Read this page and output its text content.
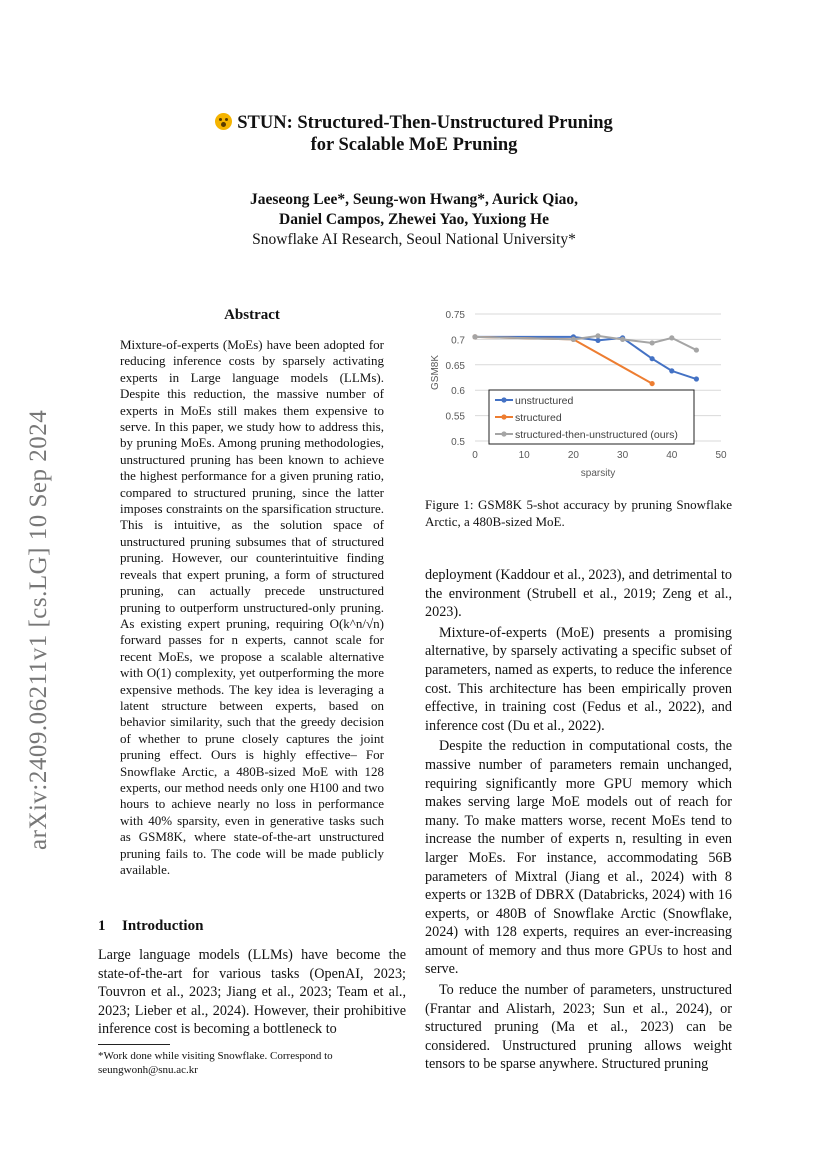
STUN: Structured-Then-Unstructured Pruning
for Scalable MoE Pruning
Jaeseong Lee*, Seung-won Hwang*, Aurick Qiao,
Daniel Campos, Zhewei Yao, Yuxiong He
Snowflake AI Research, Seoul National University*
arXiv:2409.06211v1 [cs.LG] 10 Sep 2024
Abstract
Mixture-of-experts (MoEs) have been adopted for reducing inference costs by sparsely activating experts in Large language models (LLMs). Despite this reduction, the massive number of experts in MoEs still makes them expensive to serve. In this paper, we study how to address this, by pruning MoEs. Among pruning methodologies, unstructured pruning has been known to achieve the highest performance for a given pruning ratio, compared to structured pruning, since the latter imposes constraints on the sparsification structure. This is intuitive, as the solution space of unstructured pruning subsumes that of structured pruning. However, our counterintuitive finding reveals that expert pruning, a form of structured pruning, can actually precede unstructured pruning to outperform unstructured-only pruning. As existing expert pruning, requiring O(k^n/√n) forward passes for n experts, cannot scale for recent MoEs, we propose a scalable alternative with O(1) complexity, yet outperforming the more expensive methods. The key idea is leveraging a latent structure between experts, based on behavior similarity, such that the greedy decision of whether to prune closely captures the joint pruning effect. Ours is highly effective– For Snowflake Arctic, a 480B-sized MoE with 128 experts, our method needs only one H100 and two hours to achieve nearly no loss in performance with 40% sparsity, even in generative tasks such as GSM8K, where state-of-the-art unstructured pruning fails to. The code will be made publicly available.
1 Introduction

Large language models (LLMs) have become the state-of-the-art for various tasks (OpenAI, 2023; Touvron et al., 2023; Jiang et al., 2023; Team et al., 2023; Lieber et al., 2024). However, their prohibitive inference cost is becoming a bottleneck to

*Work done while visiting Snowflake. Correspond to seungwonh@snu.ac.kr
0.5
0.55
0.6
0.65
0.7
0.75
0	10	20	30	40	50
sparsity
GSM8K
unstructured
structured
structured-then-unstructured (ours)
Figure 1: GSM8K 5-shot accuracy by pruning Snowflake Arctic, a 480B-sized MoE.

deployment (Kaddour et al., 2023), and detrimental to the environment (Strubell et al., 2019; Zeng et al., 2023).

Mixture-of-experts (MoE) presents a promising alternative, by sparsely activating a specific subset of parameters, named as experts, to reduce the inference cost. This architecture has been empirically proven effective, in training cost (Fedus et al., 2022), and inference cost (Du et al., 2022).

Despite the reduction in computational costs, the massive number of parameters remain unchanged, requiring significantly more GPU memory which makes serving large MoE models out of reach for many. To make matters worse, recent MoEs tend to increase the number of experts n, resulting in even larger MoEs. For instance, accommodating 56B parameters of Mixtral (Jiang et al., 2024) with 8 experts or 132B of DBRX (Databricks, 2024) with 16 experts, or 480B of Snowflake Arctic (Snowflake, 2024) with 128 experts, requires an ever-increasing amount of memory and thus more GPUs to host and serve.

To reduce the number of parameters, unstructured (Frantar and Alistarh, 2023; Sun et al., 2024), or structured pruning (Ma et al., 2023) can be considered. Unstructured pruning allows weight tensors to be sparse anywhere. Structured pruning
